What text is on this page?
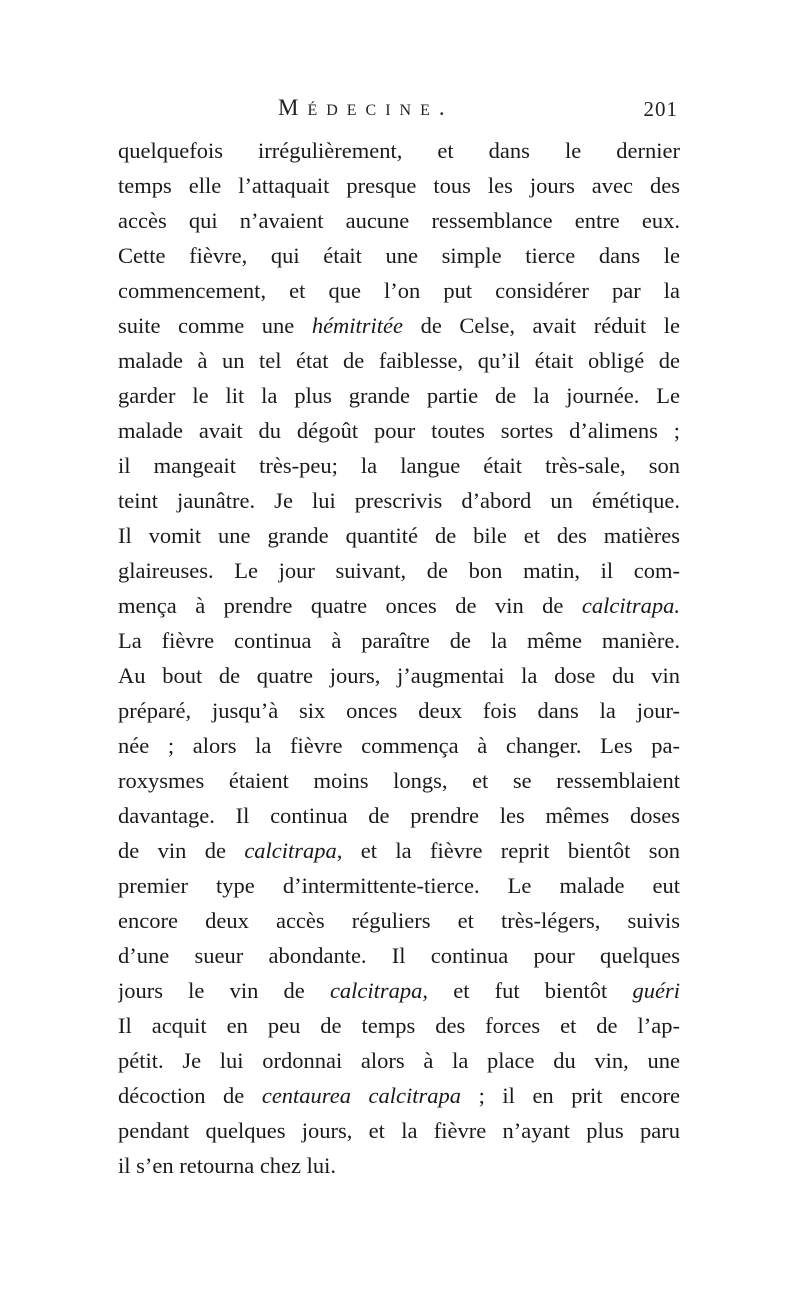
Médecine.	201
quelquefois irrégulièrement, et dans le dernier
temps elle l’attaquait presque tous les jours avec des
accès qui n’avaient aucune ressemblance entre eux.
Cette fièvre, qui était une simple tierce dans le
commencement, et que l’on put considérer par la
suite comme une hémitritée de Celse, avait réduit le
malade à un tel état de faiblesse, qu’il était obligé de
garder le lit la plus grande partie de la journée. Le
malade avait du dégoût pour toutes sortes d’alimens ;
il mangeait très-peu; la langue était très-sale, son
teint jaunâtre. Je lui prescrivis d’abord un émétique.
Il vomit une grande quantité de bile et des matières
glaireuses. Le jour suivant, de bon matin, il com-
mença à prendre quatre onces de vin de calcitrapa.
La fièvre continua à paraître de la même manière.
Au bout de quatre jours, j’augmentai la dose du vin
préparé, jusqu’à six onces deux fois dans la jour-
née ; alors la fièvre commença à changer. Les pa-
roxysmes étaient moins longs, et se ressemblaient
davantage. Il continua de prendre les mêmes doses
de vin de calcitrapa, et la fièvre reprit bientôt son
premier type d’intermittente-tierce. Le malade eut
encore deux accès réguliers et très-légers, suivis
d’une sueur abondante. Il continua pour quelques
jours le vin de calcitrapa, et fut bientôt guéri
Il acquit en peu de temps des forces et de l’ap-
pétit. Je lui ordonnai alors à la place du vin, une
décoction de centaurea calcitrapa ; il en prit encore
pendant quelques jours, et la fièvre n’ayant plus paru
il s’en retourna chez lui.
